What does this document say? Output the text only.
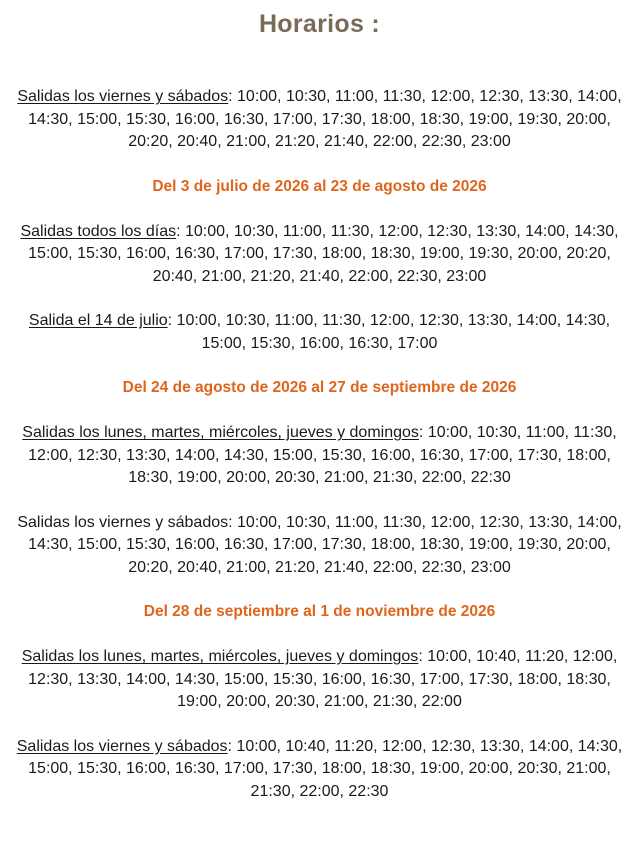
Horarios :

Salidas los viernes y sábados: 10:00, 10:30, 11:00, 11:30, 12:00, 12:30, 13:30, 14:00, 14:30, 15:00, 15:30, 16:00, 16:30, 17:00, 17:30, 18:00, 18:30, 19:00, 19:30, 20:00, 20:20, 20:40, 21:00, 21:20, 21:40, 22:00, 22:30, 23:00

Del 3 de julio de 2026 al 23 de agosto de 2026

Salidas todos los días: 10:00, 10:30, 11:00, 11:30, 12:00, 12:30, 13:30, 14:00, 14:30, 15:00, 15:30, 16:00, 16:30, 17:00, 17:30, 18:00, 18:30, 19:00, 19:30, 20:00, 20:20, 20:40, 21:00, 21:20, 21:40, 22:00, 22:30, 23:00

Salida el 14 de julio: 10:00, 10:30, 11:00, 11:30, 12:00, 12:30, 13:30, 14:00, 14:30, 15:00, 15:30, 16:00, 16:30, 17:00

Del 24 de agosto de 2026 al 27 de septiembre de 2026

Salidas los lunes, martes, miércoles, jueves y domingos: 10:00, 10:30, 11:00, 11:30, 12:00, 12:30, 13:30, 14:00, 14:30, 15:00, 15:30, 16:00, 16:30, 17:00, 17:30, 18:00, 18:30, 19:00, 20:00, 20:30, 21:00, 21:30, 22:00, 22:30

Salidas los viernes y sábados: 10:00, 10:30, 11:00, 11:30, 12:00, 12:30, 13:30, 14:00, 14:30, 15:00, 15:30, 16:00, 16:30, 17:00, 17:30, 18:00, 18:30, 19:00, 19:30, 20:00, 20:20, 20:40, 21:00, 21:20, 21:40, 22:00, 22:30, 23:00

Del 28 de septiembre al 1 de noviembre de 2026

Salidas los lunes, martes, miércoles, jueves y domingos: 10:00, 10:40, 11:20, 12:00, 12:30, 13:30, 14:00, 14:30, 15:00, 15:30, 16:00, 16:30, 17:00, 17:30, 18:00, 18:30, 19:00, 20:00, 20:30, 21:00, 21:30, 22:00

Salidas los viernes y sábados: 10:00, 10:40, 11:20, 12:00, 12:30, 13:30, 14:00, 14:30, 15:00, 15:30, 16:00, 16:30, 17:00, 17:30, 18:00, 18:30, 19:00, 20:00, 20:30, 21:00, 21:30, 22:00, 22:30
